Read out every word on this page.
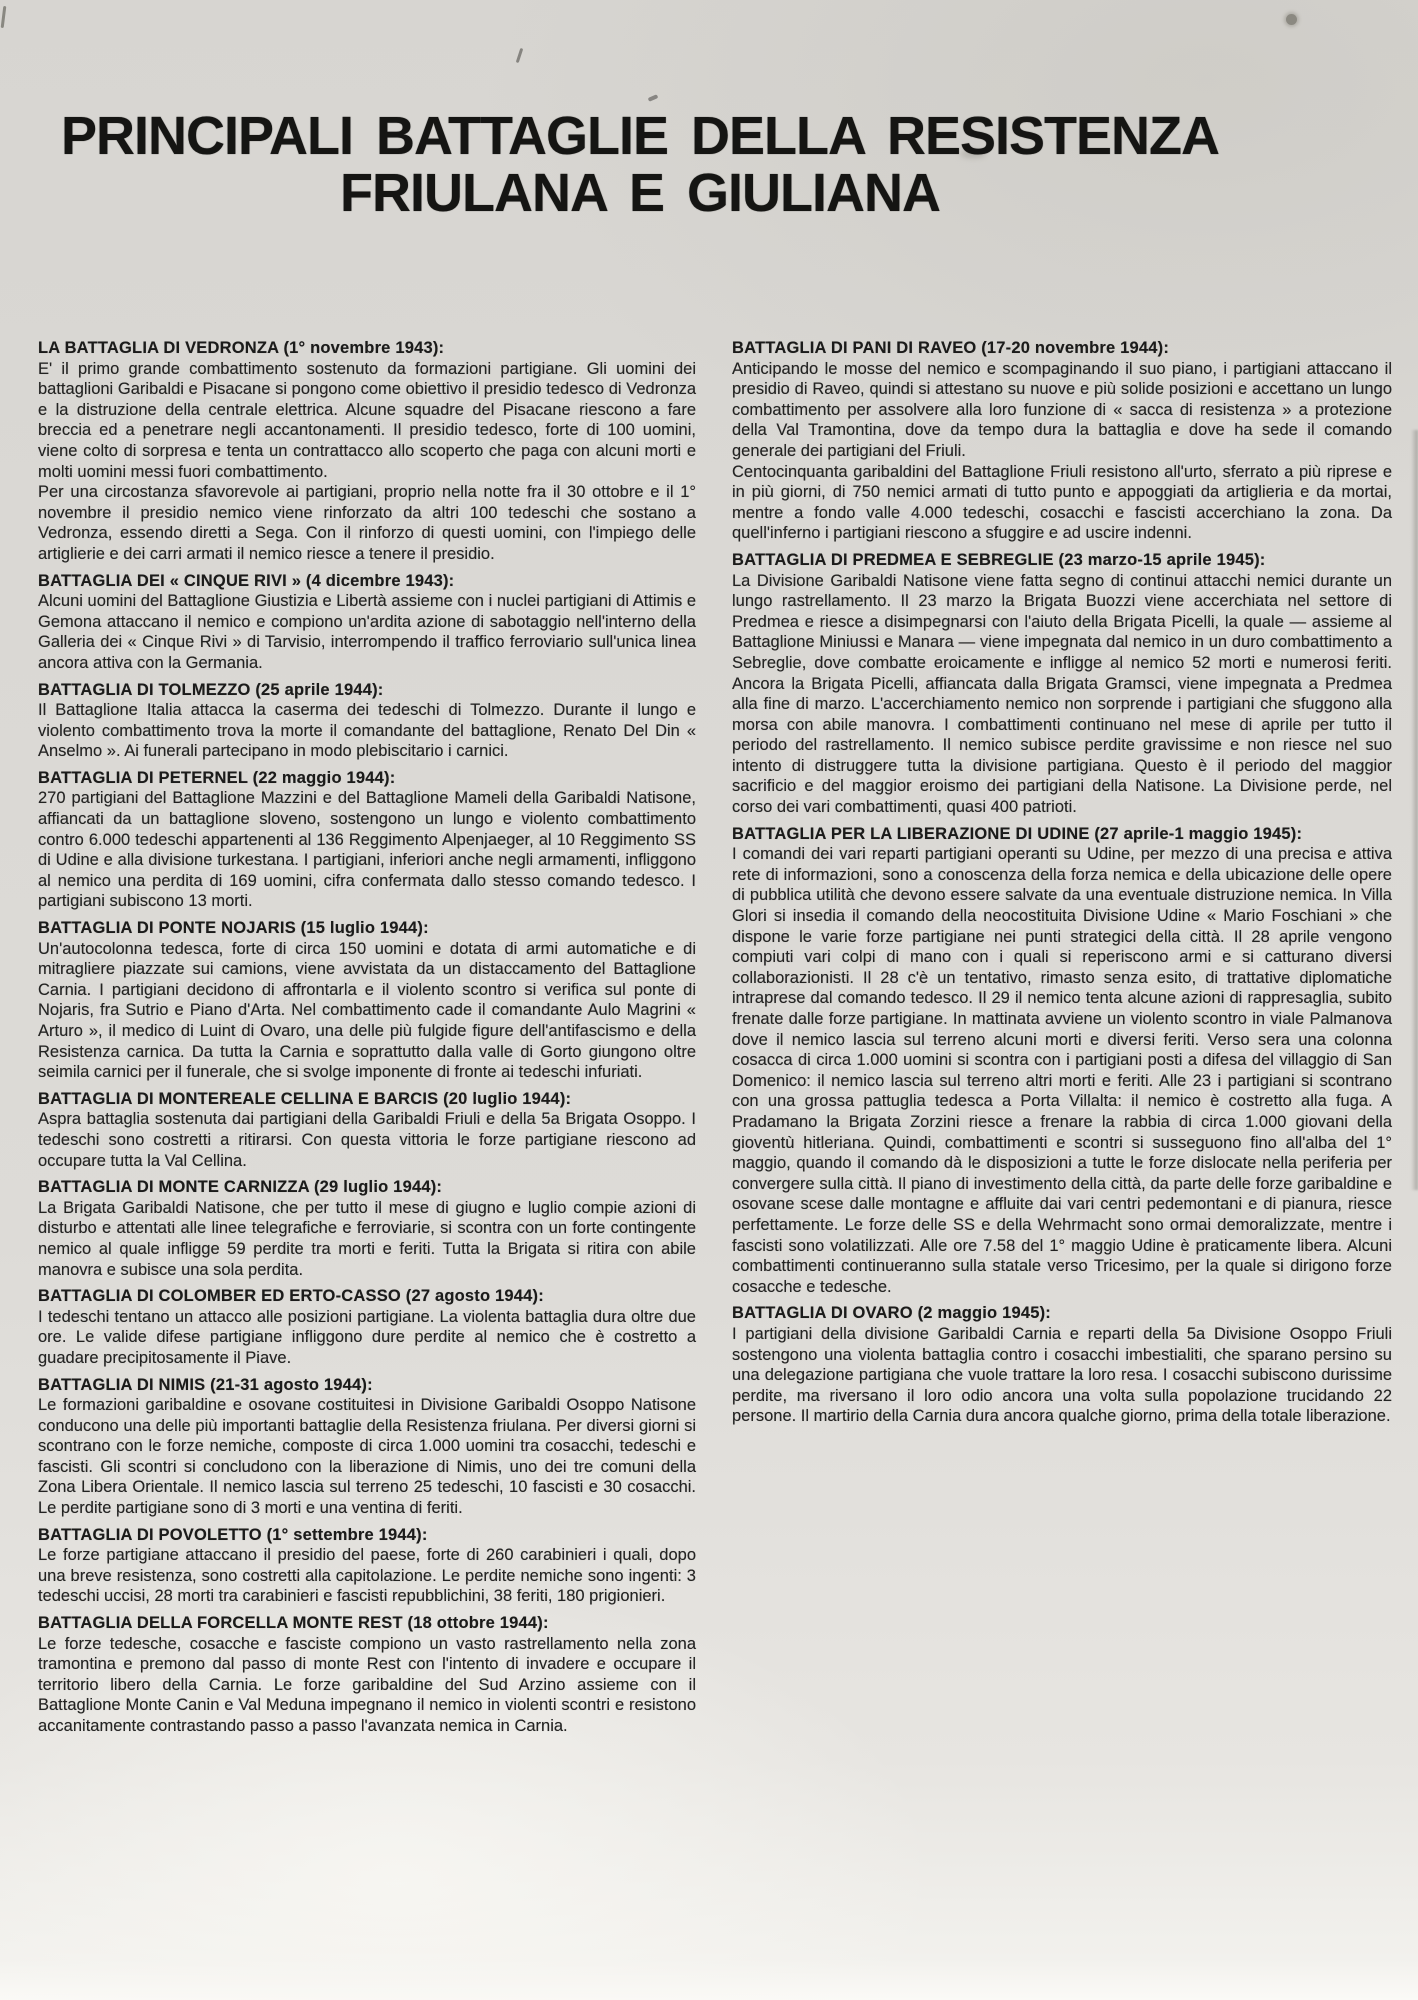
PRINCIPALI BATTAGLIE DELLA RESISTENZA
FRIULANA E GIULIANA
LA BATTAGLIA DI VEDRONZA (1° novembre 1943):

E' il primo grande combattimento sostenuto da formazioni partigiane. Gli uomini dei battaglioni Garibaldi e Pisacane si pongono come obiettivo il presidio tedesco di Vedronza e la distruzione della centrale elettrica. Alcune squadre del Pisacane riescono a fare breccia ed a penetrare negli accantonamenti. Il presidio tedesco, forte di 100 uomini, viene colto di sorpresa e tenta un contrattacco allo scoperto che paga con alcuni morti e molti uomini messi fuori combattimento.

Per una circostanza sfavorevole ai partigiani, proprio nella notte fra il 30 ottobre e il 1° novembre il presidio nemico viene rinforzato da altri 100 tedeschi che sostano a Vedronza, essendo diretti a Sega. Con il rinforzo di questi uomini, con l'impiego delle artiglierie e dei carri armati il nemico riesce a tenere il presidio.

BATTAGLIA DEI « CINQUE RIVI » (4 dicembre 1943):

Alcuni uomini del Battaglione Giustizia e Libertà assieme con i nuclei partigiani di Attimis e Gemona attaccano il nemico e compiono un'ardita azione di sabotaggio nell'interno della Galleria dei « Cinque Rivi » di Tarvisio, interrompendo il traffico ferroviario sull'unica linea ancora attiva con la Germania.

BATTAGLIA DI TOLMEZZO (25 aprile 1944):

Il Battaglione Italia attacca la caserma dei tedeschi di Tolmezzo. Durante il lungo e violento combattimento trova la morte il comandante del battaglione, Renato Del Din « Anselmo ». Ai funerali partecipano in modo plebiscitario i carnici.

BATTAGLIA DI PETERNEL (22 maggio 1944):

270 partigiani del Battaglione Mazzini e del Battaglione Mameli della Garibaldi Natisone, affiancati da un battaglione sloveno, sostengono un lungo e violento combattimento contro 6.000 tedeschi appartenenti al 136 Reggimento Alpenjaeger, al 10 Reggimento SS di Udine e alla divisione turkestana. I partigiani, inferiori anche negli armamenti, infliggono al nemico una perdita di 169 uomini, cifra confermata dallo stesso comando tedesco. I partigiani subiscono 13 morti.

BATTAGLIA DI PONTE NOJARIS (15 luglio 1944):

Un'autocolonna tedesca, forte di circa 150 uomini e dotata di armi automatiche e di mitragliere piazzate sui camions, viene avvistata da un distaccamento del Battaglione Carnia. I partigiani decidono di affrontarla e il violento scontro si verifica sul ponte di Nojaris, fra Sutrio e Piano d'Arta. Nel combattimento cade il comandante Aulo Magrini « Arturo », il medico di Luint di Ovaro, una delle più fulgide figure dell'antifascismo e della Resistenza carnica. Da tutta la Carnia e soprattutto dalla valle di Gorto giungono oltre seimila carnici per il funerale, che si svolge imponente di fronte ai tedeschi infuriati.

BATTAGLIA DI MONTEREALE CELLINA E BARCIS (20 luglio 1944):

Aspra battaglia sostenuta dai partigiani della Garibaldi Friuli e della 5a Brigata Osoppo. I tedeschi sono costretti a ritirarsi. Con questa vittoria le forze partigiane riescono ad occupare tutta la Val Cellina.

BATTAGLIA DI MONTE CARNIZZA (29 luglio 1944):

La Brigata Garibaldi Natisone, che per tutto il mese di giugno e luglio compie azioni di disturbo e attentati alle linee telegrafiche e ferroviarie, si scontra con un forte contingente nemico al quale infligge 59 perdite tra morti e feriti. Tutta la Brigata si ritira con abile manovra e subisce una sola perdita.

BATTAGLIA DI COLOMBER ED ERTO-CASSO (27 agosto 1944):

I tedeschi tentano un attacco alle posizioni partigiane. La violenta battaglia dura oltre due ore. Le valide difese partigiane infliggono dure perdite al nemico che è costretto a guadare precipitosamente il Piave.

BATTAGLIA DI NIMIS (21-31 agosto 1944):

Le formazioni garibaldine e osovane costituitesi in Divisione Garibaldi Osoppo Natisone conducono una delle più importanti battaglie della Resistenza friulana. Per diversi giorni si scontrano con le forze nemiche, composte di circa 1.000 uomini tra cosacchi, tedeschi e fascisti. Gli scontri si concludono con la liberazione di Nimis, uno dei tre comuni della Zona Libera Orientale. Il nemico lascia sul terreno 25 tedeschi, 10 fascisti e 30 cosacchi. Le perdite partigiane sono di 3 morti e una ventina di feriti.

BATTAGLIA DI POVOLETTO (1° settembre 1944):

Le forze partigiane attaccano il presidio del paese, forte di 260 carabinieri i quali, dopo una breve resistenza, sono costretti alla capitolazione. Le perdite nemiche sono ingenti: 3 tedeschi uccisi, 28 morti tra carabinieri e fascisti repubblichini, 38 feriti, 180 prigionieri.

BATTAGLIA DELLA FORCELLA MONTE REST (18 ottobre 1944):

Le forze tedesche, cosacche e fasciste compiono un vasto rastrellamento nella zona tramontina e premono dal passo di monte Rest con l'intento di invadere e occupare il territorio libero della Carnia. Le forze garibaldine del Sud Arzino assieme con il Battaglione Monte Canin e Val Meduna impegnano il nemico in violenti scontri e resistono accanitamente contrastando passo a passo l'avanzata nemica in Carnia.

BATTAGLIA DI PANI DI RAVEO (17-20 novembre 1944):

Anticipando le mosse del nemico e scompaginando il suo piano, i partigiani attaccano il presidio di Raveo, quindi si attestano su nuove e più solide posizioni e accettano un lungo combattimento per assolvere alla loro funzione di « sacca di resistenza » a protezione della Val Tramontina, dove da tempo dura la battaglia e dove ha sede il comando generale dei partigiani del Friuli.

Centocinquanta garibaldini del Battaglione Friuli resistono all'urto, sferrato a più riprese e in più giorni, di 750 nemici armati di tutto punto e appoggiati da artiglieria e da mortai, mentre a fondo valle 4.000 tedeschi, cosacchi e fascisti accerchiano la zona. Da quell'inferno i partigiani riescono a sfuggire e ad uscire indenni.

BATTAGLIA DI PREDMEA E SEBREGLIE (23 marzo-15 aprile 1945):

La Divisione Garibaldi Natisone viene fatta segno di continui attacchi nemici durante un lungo rastrellamento. Il 23 marzo la Brigata Buozzi viene accerchiata nel settore di Predmea e riesce a disimpegnarsi con l'aiuto della Brigata Picelli, la quale — assieme al Battaglione Miniussi e Manara — viene impegnata dal nemico in un duro combattimento a Sebreglie, dove combatte eroicamente e infligge al nemico 52 morti e numerosi feriti. Ancora la Brigata Picelli, affiancata dalla Brigata Gramsci, viene impegnata a Predmea alla fine di marzo. L'accerchiamento nemico non sorprende i partigiani che sfuggono alla morsa con abile manovra. I combattimenti continuano nel mese di aprile per tutto il periodo del rastrellamento. Il nemico subisce perdite gravissime e non riesce nel suo intento di distruggere tutta la divisione partigiana. Questo è il periodo del maggior sacrificio e del maggior eroismo dei partigiani della Natisone. La Divisione perde, nel corso dei vari combattimenti, quasi 400 patrioti.

BATTAGLIA PER LA LIBERAZIONE DI UDINE (27 aprile-1 maggio 1945):

I comandi dei vari reparti partigiani operanti su Udine, per mezzo di una precisa e attiva rete di informazioni, sono a conoscenza della forza nemica e della ubicazione delle opere di pubblica utilità che devono essere salvate da una eventuale distruzione nemica. In Villa Glori si insedia il comando della neocostituita Divisione Udine « Mario Foschiani » che dispone le varie forze partigiane nei punti strategici della città. Il 28 aprile vengono compiuti vari colpi di mano con i quali si reperiscono armi e si catturano diversi collaborazionisti. Il 28 c'è un tentativo, rimasto senza esito, di trattative diplomatiche intraprese dal comando tedesco. Il 29 il nemico tenta alcune azioni di rappresaglia, subito frenate dalle forze partigiane. In mattinata avviene un violento scontro in viale Palmanova dove il nemico lascia sul terreno alcuni morti e diversi feriti. Verso sera una colonna cosacca di circa 1.000 uomini si scontra con i partigiani posti a difesa del villaggio di San Domenico: il nemico lascia sul terreno altri morti e feriti. Alle 23 i partigiani si scontrano con una grossa pattuglia tedesca a Porta Villalta: il nemico è costretto alla fuga. A Pradamano la Brigata Zorzini riesce a frenare la rabbia di circa 1.000 giovani della gioventù hitleriana. Quindi, combattimenti e scontri si susseguono fino all'alba del 1° maggio, quando il comando dà le disposizioni a tutte le forze dislocate nella periferia per convergere sulla città. Il piano di investimento della città, da parte delle forze garibaldine e osovane scese dalle montagne e affluite dai vari centri pedemontani e di pianura, riesce perfettamente. Le forze delle SS e della Wehrmacht sono ormai demoralizzate, mentre i fascisti sono volatilizzati. Alle ore 7.58 del 1° maggio Udine è praticamente libera. Alcuni combattimenti continueranno sulla statale verso Tricesimo, per la quale si dirigono forze cosacche e tedesche.

BATTAGLIA DI OVARO (2 maggio 1945):

I partigiani della divisione Garibaldi Carnia e reparti della 5a Divisione Osoppo Friuli sostengono una violenta battaglia contro i cosacchi imbestialiti, che sparano persino su una delegazione partigiana che vuole trattare la loro resa. I cosacchi subiscono durissime perdite, ma riversano il loro odio ancora una volta sulla popolazione trucidando 22 persone. Il martirio della Carnia dura ancora qualche giorno, prima della totale liberazione.
